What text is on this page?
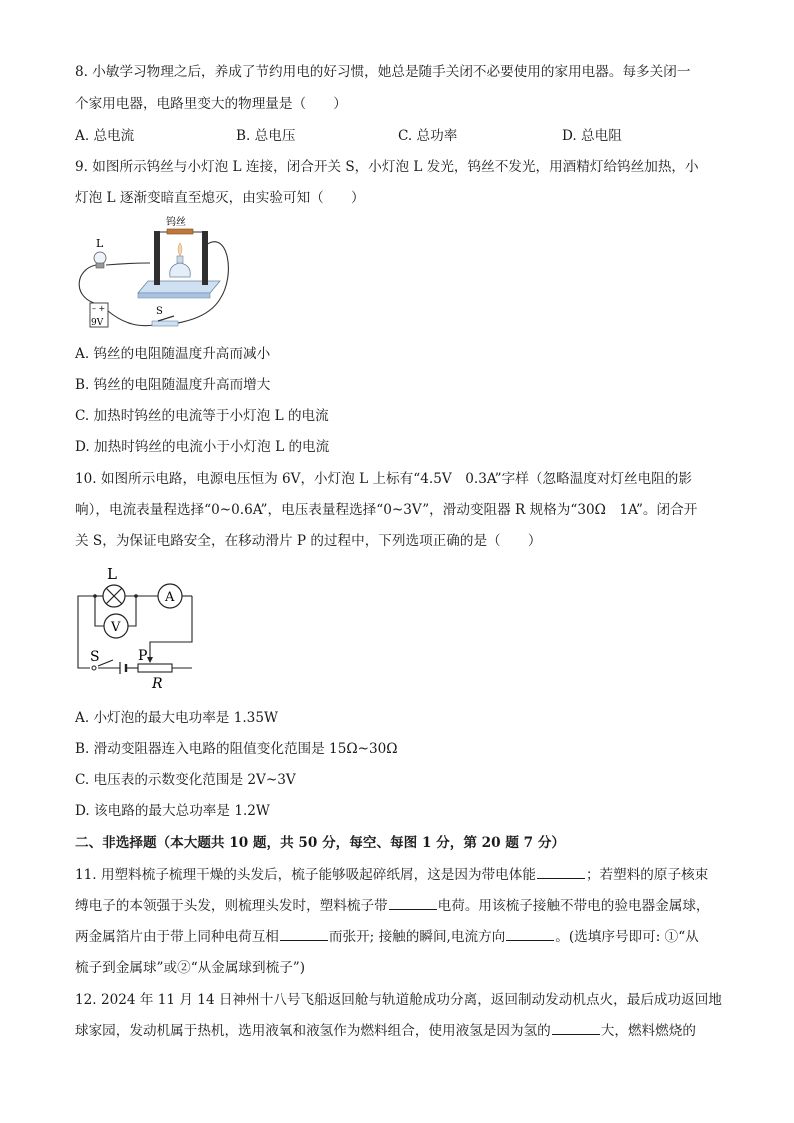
8. 小敏学习物理之后，养成了节约用电的好习惯，她总是随手关闭不必要使用的家用电器。每多关闭一
个家用电器，电路里变大的物理量是（　　）
A. 总电流	B. 总电压	C. 总功率	D. 总电阻
9. 如图所示钨丝与小灯泡 L 连接，闭合开关 S，小灯泡 L 发光，钨丝不发光，用酒精灯给钨丝加热，小
灯泡 L 逐渐变暗直至熄灭，由实验可知（　　）
L
钨丝
– +
9V
S
A. 钨丝的电阻随温度升高而减小
B. 钨丝的电阻随温度升高而增大
C. 加热时钨丝的电流等于小灯泡 L 的电流
D. 加热时钨丝的电流小于小灯泡 L 的电流
10. 如图所示电路，电源电压恒为 6V，小灯泡 L 上标有“4.5V　0.3A”字样（忽略温度对灯丝电阻的影
响），电流表量程选择“0~0.6A”，电压表量程选择“0~3V”，滑动变阻器 R 规格为“30Ω　1A”。闭合开
关 S，为保证电路安全，在移动滑片 P 的过程中，下列选项正确的是（　　）
L
A
V
P
R
S
A. 小灯泡的最大电功率是 1.35W
B. 滑动变阻器连入电路的阻值变化范围是 15Ω~30Ω
C. 电压表的示数变化范围是 2V~3V
D. 该电路的最大总功率是 1.2W
二、非选择题（本大题共 10 题，共 50 分，每空、每图 1 分，第 20 题 7 分）
11. 用塑料梳子梳理干燥的头发后，梳子能够吸起碎纸屑，这是因为带电体能	；若塑料的原子核束
缚电子的本领强于头发，则梳理头发时，塑料梳子带	电荷。用该梳子接触不带电的验电器金属球，
两金属箔片由于带上同种电荷互相	而张开; 接触的瞬间,电流方向	。(选填序号即可: ①“从
梳子到金属球”或②“从金属球到梳子”)
12. 2024 年 11 月 14 日神州十八号飞船返回舱与轨道舱成功分离，返回制动发动机点火，最后成功返回地
球家园，发动机属于热机，选用液氧和液氢作为燃料组合，使用液氢是因为氢的	大，燃料燃烧的
